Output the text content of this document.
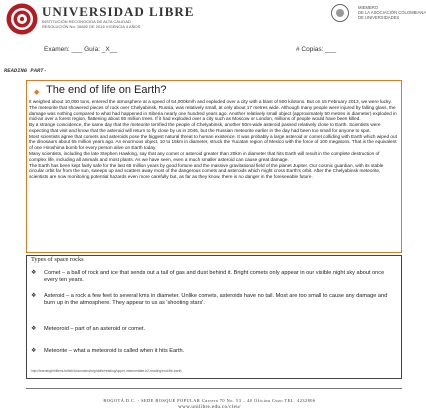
UNIVERSIDAD LIBRE
INSTITUCIÓN RECONOCIDA DE ALTA CALIDAD
RESOLUCIÓN No. 16892 DE 2016 VIGENCIA 4 AÑOS
MIEMBRO
DE LA ASOCIACIÓN COLOMBIANA
DE UNIVERSIDADES
Examen: ___ Guía: _X__	# Copias: ___
READING PART-
◆ The end of life on Earth?

It weighed about 10,000 tons, entered the atmosphere at a speed of 64,000km/h and exploded over a city with a blast of 500 kilotons. But on 15 February 2013, we were lucky. The meteorite that showered pieces of rock over Chelyabinsk, Russia, was relatively small, at only about 17 metres wide. Although many people were injured by falling glass, the damage was nothing compared to what had happened in Siberia nearly one hundred years ago. Another relatively small object (approximately 50 metres in diameter) exploded in mid-air over a forest region, flattening about 80 million trees. If it had exploded over a city such as Moscow or London, millions of people would have been killed.

By a strange coincidence, the same day that the meteorite terrified the people of Chelyabinsk, another 50m-wide asteroid passed relatively close to Earth. Scientists were expecting that visit and know that the asteroid will return to fly close by us in 2046, but the Russian meteorite earlier in the day had been too small for anyone to spot.

Most scientists agree that comets and asteroids pose the biggest natural threat to human existence. It was probably a large asteroid or comet colliding with Earth which wiped out the dinosaurs about 65 million years ago. An enormous object, 10 to 15km in diameter, struck the Yucatan region of Mexico with the force of 100 megatons. That is the equivalent of one Hiroshima bomb for every person alive on Earth today.

Many scientists, including the late Stephen Hawking, say that any comet or asteroid greater than 20km in diameter that hits Earth will result in the complete destruction of complex life, including all animals and most plants. As we have seen, even a much smaller asteroid can cause great damage.

The Earth has been kept fairly safe for the last 65 million years by good fortune and the massive gravitational field of the planet Jupiter. Our cosmic guardian, with its stable circular orbit far from the sun, sweeps up and scatters away most of the dangerous comets and asteroids which might cross Earth's orbit. After the Chelyabinsk meteorite, scientists are now monitoring potential hazards even more carefully but, as far as they know, there is no danger in the foreseeable future.

Types of space rocks
❖	Comet – a ball of rock and ice that sends out a tail of gas and dust behind it. Bright comets only appear in our visible night sky about once every ten years.
❖	Asteroid – a rock a few feet to several kms in diameter. Unlike comets, asteroids have no tail. Most are too small to cause any damage and burn up in the atmosphere. They appear to us as 'shooting stars'.
❖	Meteoroid – part of an asteroid or comet.
❖	Meteorite – what a meteoroid is called when it hits Earth.
http://learningbrhitiens.british/tchconsecl/org/sildle/reading/upper-intermediate-b2-reading/end-life-earth
BOGOTÁ D.C. - SEDE BOSQUE POPULAR Carrera 70 No. 53 – 40 Oficina Cuzo TEL. 4232806
www.unilibre.edu.co/cleu/
